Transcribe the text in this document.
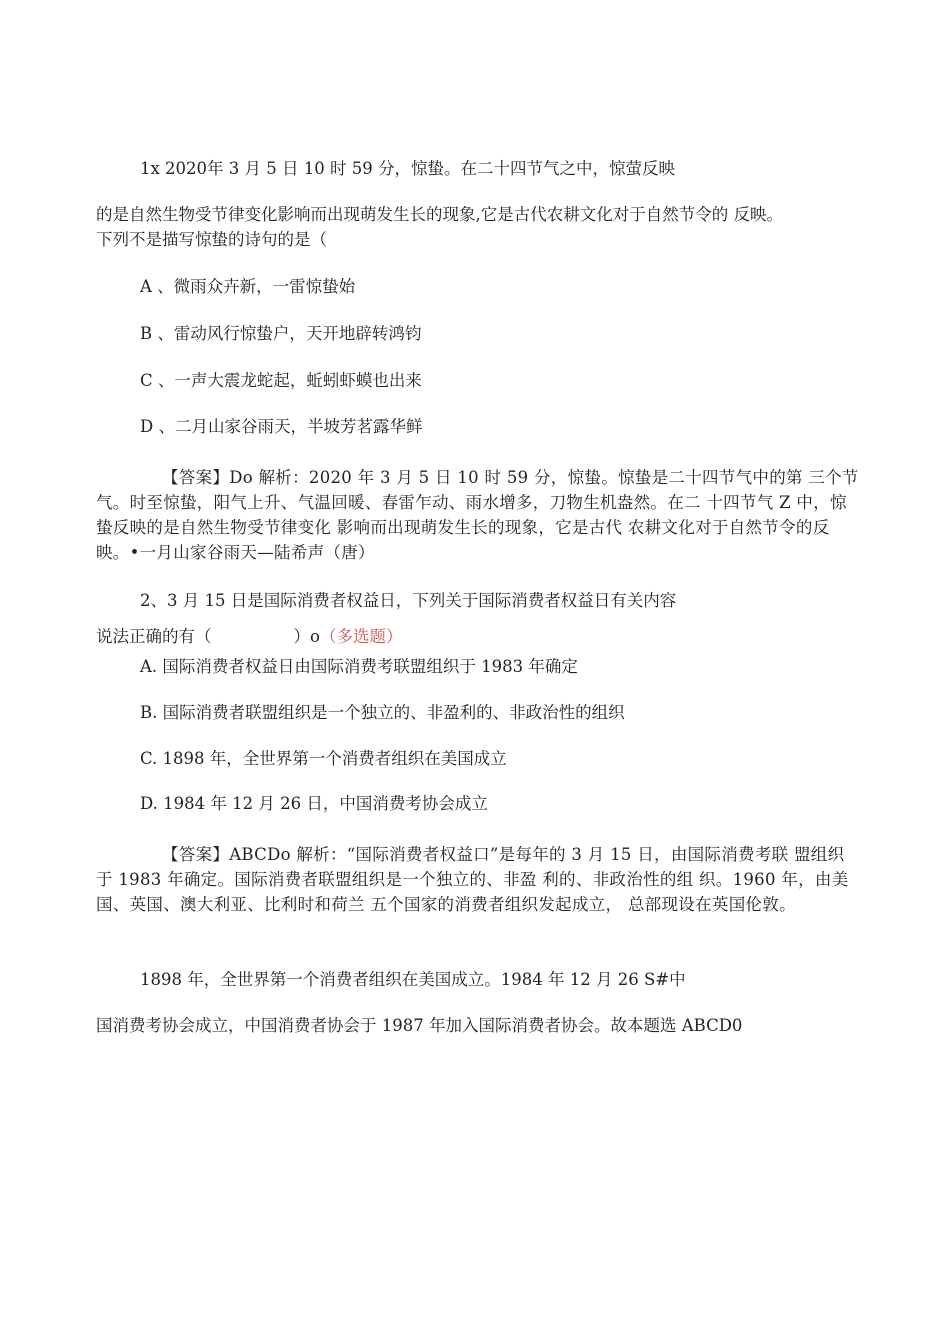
1x 2020年 3 月 5 日 10 时 59 分，惊蛰。在二十四节气之中，惊萤反映
的是自然生物受节律变化影响而出现萌发生长的现象,它是古代农耕文化对于自然节令的 反映。
下列不是描写惊蛰的诗句的是（
A 、微雨众卉新，一雷惊蛰始
B 、雷动风行惊蛰户，天开地辟转鸿钧
C 、一声大震龙蛇起，蚯蚓虾蟆也出来
D 、二月山家谷雨天，半坡芳茗露华鲜
【答案】Do 解析：2020 年 3 月 5 日 10 时 59 分，惊蛰。惊蛰是二十四节气中的第 三个节气。时至惊蛰，阳气上升、气温回暖、春雷乍动、雨水增多，刀物生机盎然。在二 十四节气 Z 中，惊蛰反映的是自然生物受节律变化 影响而出现萌发生长的现象，它是古代 农耕文化对于自然节令的反映。•一月山家谷雨天—陆希声（唐）
2、3 月 15 日是国际消费者权益日，下列关于国际消费者权益日有关内容
说法正确的有（	）o（多选题）
A. 国际消费者权益日由国际消费考联盟组织于 1983 年确定
B. 国际消费者联盟组织是一个独立的、非盈利的、非政治性的组织
C. 1898 年，全世界第一个消费者组织在美国成立
D. 1984 年 12 月 26 日，中国消费考协会成立
【答案】ABCDo 解析：“国际消费者权益口”是每年的 3 月 15 日，由国际消费考联 盟组织于 1983 年确定。国际消费者联盟组织是一个独立的、非盈 利的、非政治性的组 织。1960 年，由美国、英国、澳大利亚、比利时和荷兰 五个国家的消费者组织发起成立， 总部现设在英国伦敦。
1898 年，全世界第一个消费者组织在美国成立。1984 年 12 月 26 S#中
国消费考协会成立，中国消费者协会于 1987 年加入国际消费者协会。故本题选 ABCD0
